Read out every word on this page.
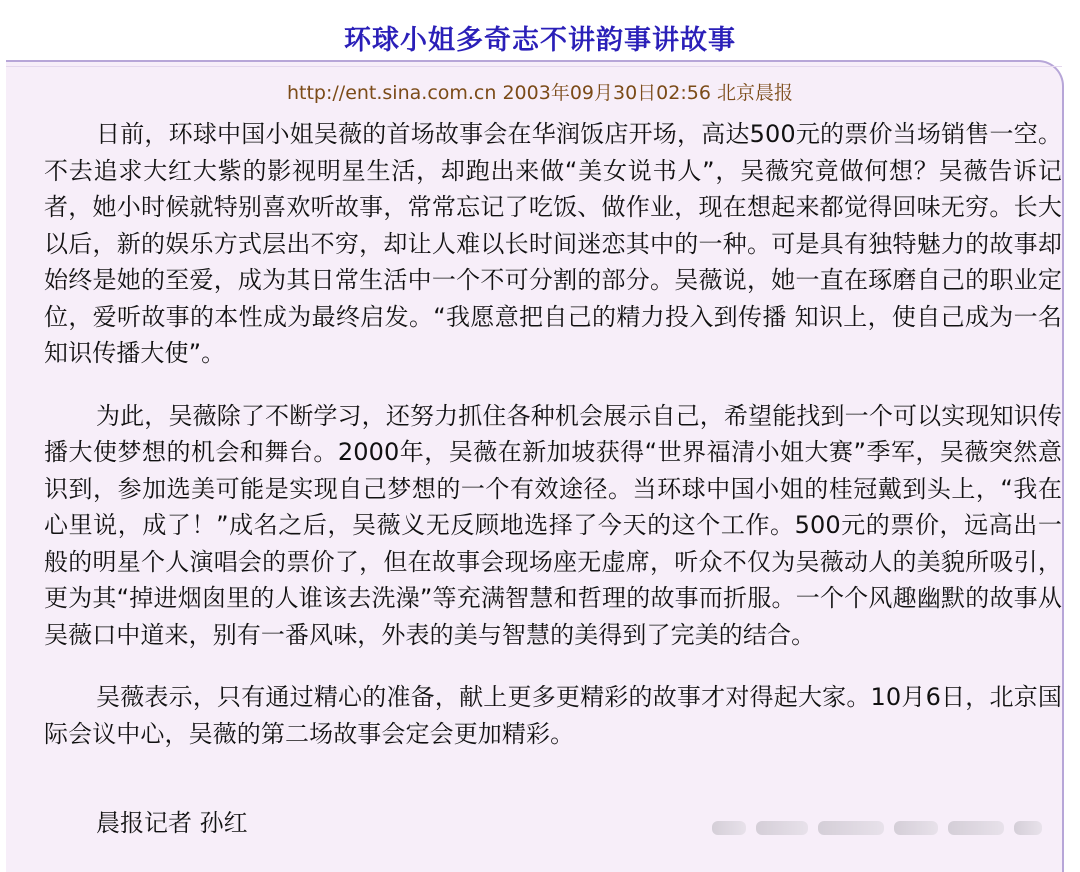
环球小姐多奇志不讲韵事讲故事
http://ent.sina.com.cn 2003年09月30日02:56 北京晨报

日前，环球中国小姐吴薇的首场故事会在华润饭店开场，高达500元的票价当场销售一空。不去追求大红大紫的影视明星生活，却跑出来做“美女说书人”，吴薇究竟做何想？吴薇告诉记者，她小时候就特别喜欢听故事，常常忘记了吃饭、做作业，现在想起来都觉得回味无穷。长大以后，新的娱乐方式层出不穷，却让人难以长时间迷恋其中的一种。可是具有独特魅力的故事却始终是她的至爱，成为其日常生活中一个不可分割的部分。吴薇说，她一直在琢磨自己的职业定位，爱听故事的本性成为最终启发。“我愿意把自己的精力投入到传播 知识上，使自己成为一名知识传播大使”。

为此，吴薇除了不断学习，还努力抓住各种机会展示自己，希望能找到一个可以实现知识传播大使梦想的机会和舞台。2000年，吴薇在新加坡获得“世界福清小姐大赛”季军，吴薇突然意识到，参加选美可能是实现自己梦想的一个有效途径。当环球中国小姐的桂冠戴到头上，“我在心里说，成了！”成名之后，吴薇义无反顾地选择了今天的这个工作。500元的票价，远高出一般的明星个人演唱会的票价了，但在故事会现场座无虚席，听众不仅为吴薇动人的美貌所吸引，更为其“掉进烟囱里的人谁该去洗澡”等充满智慧和哲理的故事而折服。一个个风趣幽默的故事从吴薇口中道来，别有一番风味，外表的美与智慧的美得到了完美的结合。

吴薇表示，只有通过精心的准备，献上更多更精彩的故事才对得起大家。10月6日，北京国际会议中心，吴薇的第二场故事会定会更加精彩。

晨报记者 孙红
